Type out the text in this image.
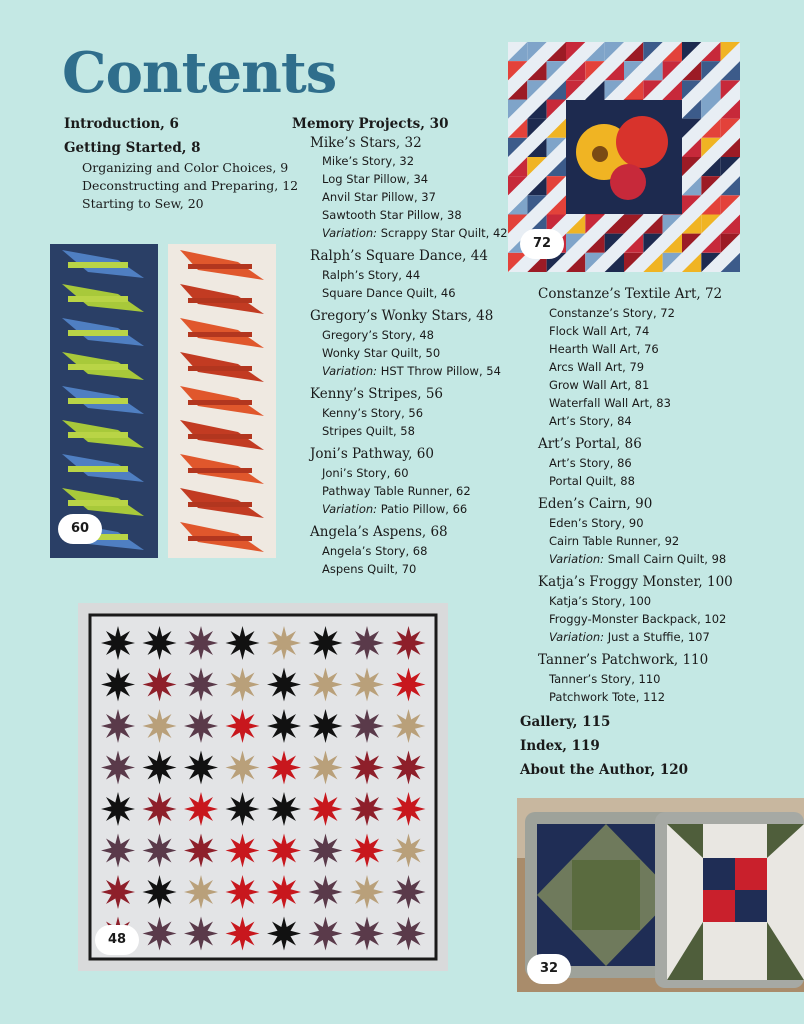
Contents
Introduction, 6
Getting Started, 8
Organizing and Color Choices, 9
Deconstructing and Preparing, 12
Starting to Sew, 20
Memory Projects, 30
Mike’s Stars, 32
Mike’s Story, 32
Log Star Pillow, 34
Anvil Star Pillow, 37
Sawtooth Star Pillow, 38
Variation: Scrappy Star Quilt, 42
Ralph’s Square Dance, 44
Ralph’s Story, 44
Square Dance Quilt, 46
Gregory’s Wonky Stars, 48
Gregory’s Story, 48
Wonky Star Quilt, 50
Variation: HST Throw Pillow, 54
Kenny’s Stripes, 56
Kenny’s Story, 56
Stripes Quilt, 58
Joni’s Pathway, 60
Joni’s Story, 60
Pathway Table Runner, 62
Variation: Patio Pillow, 66
Angela’s Aspens, 68
Angela’s Story, 68
Aspens Quilt, 70
Constanze’s Textile Art, 72
Constanze’s Story, 72
Flock Wall Art, 74
Hearth Wall Art, 76
Arcs Wall Art, 79
Grow Wall Art, 81
Waterfall Wall Art, 83
Art’s Story, 84
Art’s Portal, 86
Art’s Story, 86
Portal Quilt, 88
Eden’s Cairn, 90
Eden’s Story, 90
Cairn Table Runner, 92
Variation: Small Cairn Quilt, 98
Katja’s Froggy Monster, 100
Katja’s Story, 100
Froggy-Monster Backpack, 102
Variation: Just a Stuffie, 107
Tanner’s Patchwork, 110
Tanner’s Story, 110
Patchwork Tote, 112
Gallery, 115
Index, 119
About the Author, 120
72
60
48
32
